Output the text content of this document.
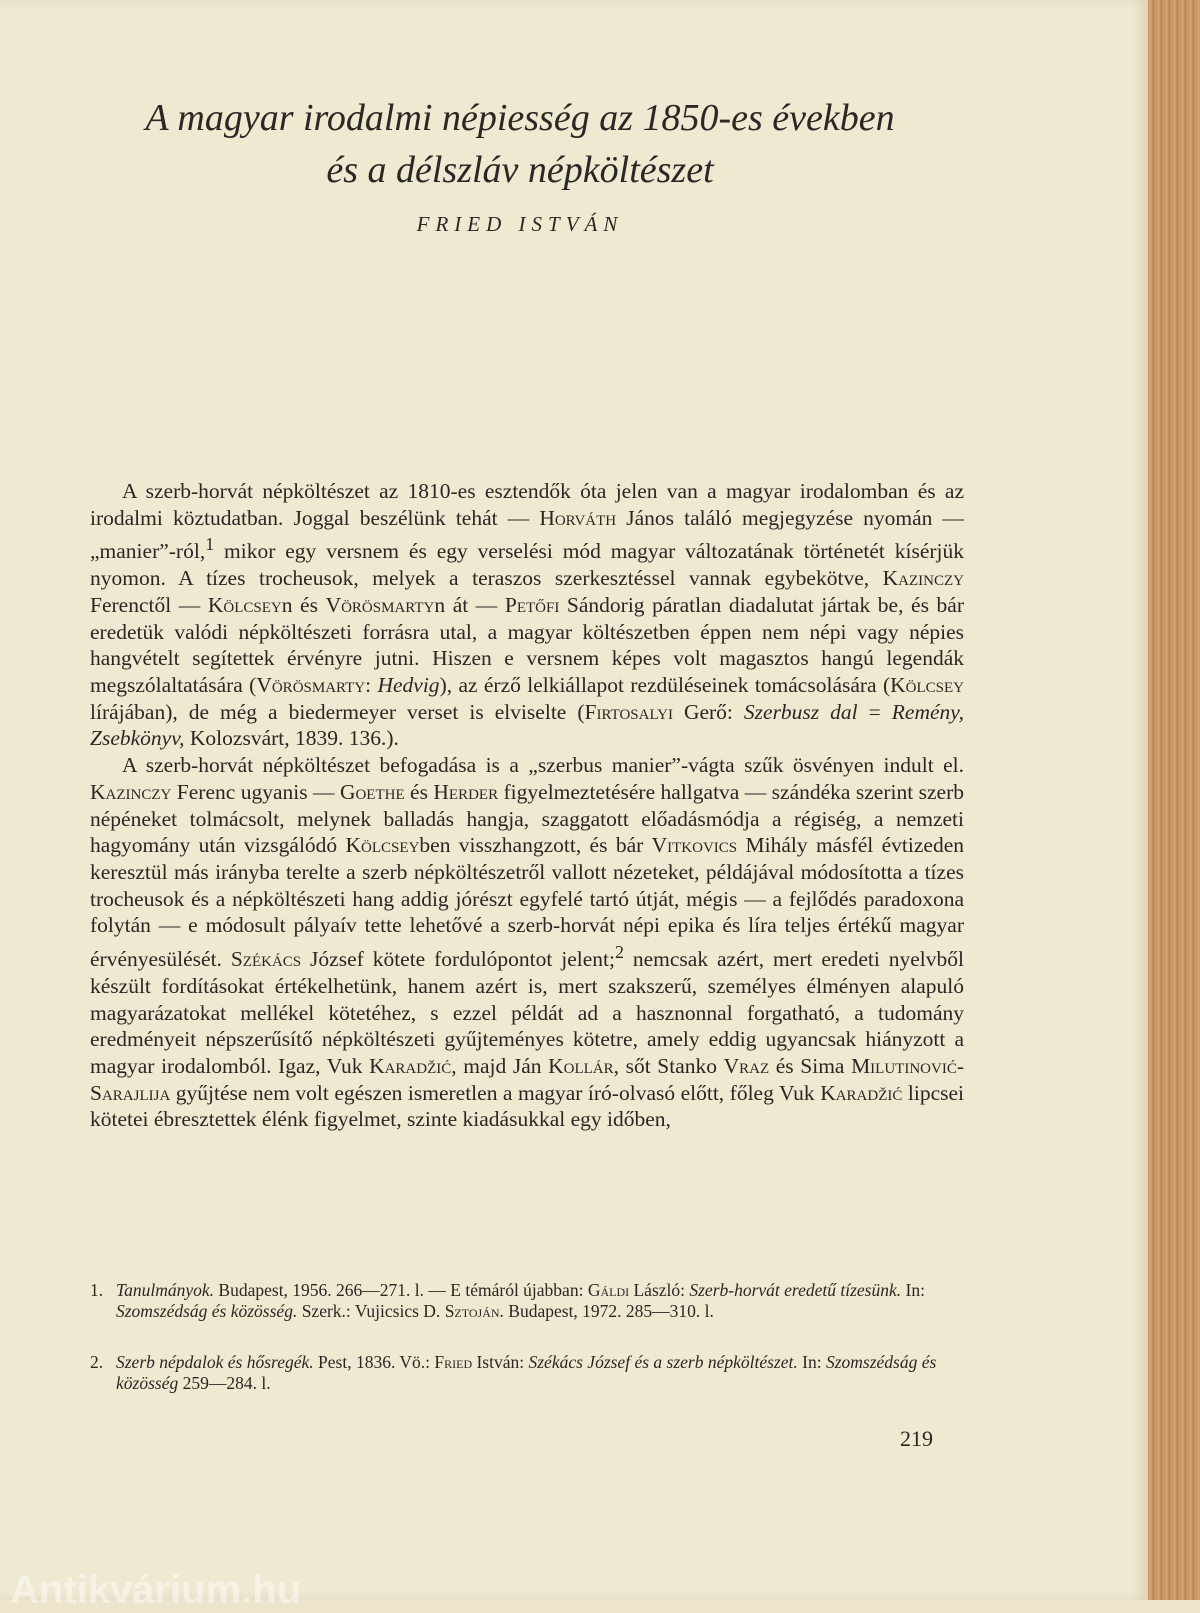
A magyar irodalmi népiesség az 1850-es években
és a délszláv népköltészet
FRIED ISTVÁN

A szerb-horvát népköltészet az 1810-es esztendők óta jelen van a magyar irodalomban és az irodalmi köztudatban. Joggal beszélünk tehát — Horváth János találó megjegyzése nyomán — „manier”-ról,$^1$ mikor egy versnem és egy verselési mód magyar változatának történetét kísérjük nyomon. A tízes trocheusok, melyek a teraszos szerkesztéssel vannak egybekötve, Kazinczy Ferenctől — Kölcseyn és Vörösmartyn át — Petőfi Sándorig páratlan diadalutat jártak be, és bár eredetük valódi népköltészeti forrásra utal, a magyar költészetben éppen nem népi vagy népies hangvételt segítettek érvényre jutni. Hiszen e versnem képes volt magasztos hangú legendák megszólaltatására (Vörösmarty: Hedvig), az érző lelkiállapot rezdüléseinek tomácsolására (Kölcsey lírájában), de még a biedermeyer verset is elviselte (Firtosalyi Gerő: Szerbusz dal = Remény, Zsebkönyv, Kolozsvárt, 1839. 136.).

A szerb-horvát népköltészet befogadása is a „szerbus manier”-vágta szűk ösvényen indult el. Kazinczy Ferenc ugyanis — Goethe és Herder figyelmeztetésére hallgatva — szándéka szerint szerb népéneket tolmácsolt, melynek balladás hangja, szaggatott előadásmódja a régiség, a nemzeti hagyomány után vizsgálódó Kölcseyben visszhangzott, és bár Vitkovics Mihály másfél évtizeden keresztül más irányba terelte a szerb népköltészetről vallott nézeteket, példájával módosította a tízes trocheusok és a népköltészeti hang addig jórészt egyfelé tartó útját, mégis — a fejlődés paradoxona folytán — e módosult pályaív tette lehetővé a szerb-horvát népi epika és líra teljes értékű magyar érvényesülését. Székács József kötete fordulópontot jelent;$^2$ nemcsak azért, mert eredeti nyelvből készült fordításokat értékelhetünk, hanem azért is, mert szakszerű, személyes élményen alapuló magyarázatokat mellékel kötetéhez, s ezzel példát ad a hasznonnal forgatható, a tudomány eredményeit népszerűsítő népköltészeti gyűjteményes kötetre, amely eddig ugyancsak hiányzott a magyar irodalomból. Igaz, Vuk Karadžić, majd Ján Kollár, sőt Stanko Vraz és Sima Milutinović-Sarajlija gyűjtése nem volt egészen ismeretlen a magyar író-olvasó előtt, főleg Vuk Karadžić lipcsei kötetei ébresztettek élénk figyelmet, szinte kiadásukkal egy időben,

1. Tanulmányok. Budapest, 1956. 266—271. l. — E témáról újabban: Gáldi László: Szerb-horvát eredetű tízesünk. In: Szomszédság és közösség. Szerk.: Vujicsics D. Sztoján. Budapest, 1972. 285—310. l.
2. Szerb népdalok és hősregék. Pest, 1836. Vö.: Fried István: Székács József és a szerb népköltészet. In: Szomszédság és közösség 259—284. l.
219
Antikvárium.hu
